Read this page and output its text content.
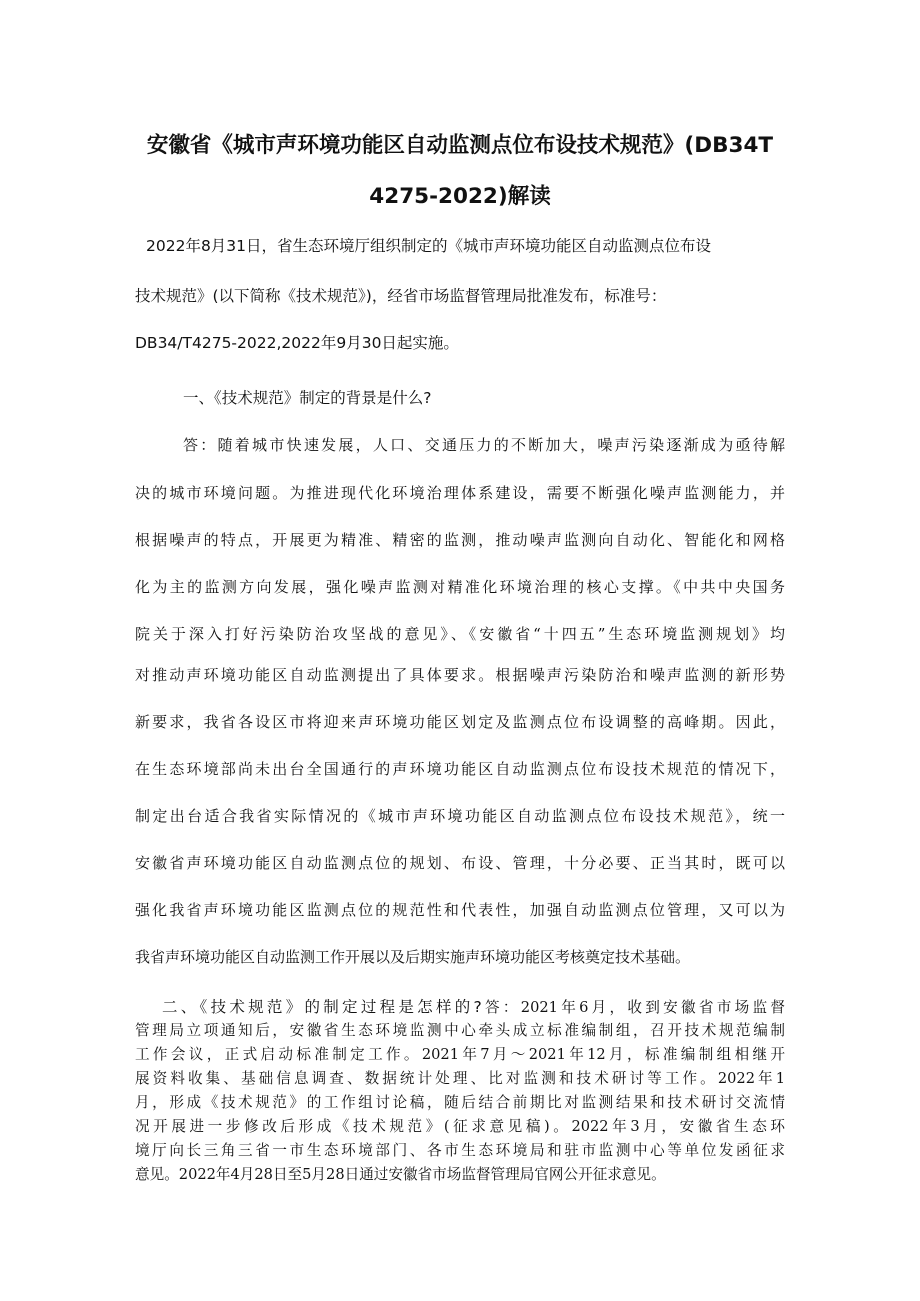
安徽省《城市声环境功能区自动监测点位布设技术规范》(DB34T
4275-2022)解读
2022年8月31日，省生态环境厅组织制定的《城市声环境功能区自动监测点位布设
技术规范》(以下简称《技术规范》)，经省市场监督管理局批准发布，标准号：
DB34/T4275-2022,2022年9月30日起实施。
一、《技术规范》制定的背景是什么?
答：随着城市快速发展，人口、交通压力的不断加大，噪声污染逐渐成为亟待解
决的城市环境问题。为推进现代化环境治理体系建设，需要不断强化噪声监测能力，并
根据噪声的特点，开展更为精准、精密的监测，推动噪声监测向自动化、智能化和网格
化为主的监测方向发展，强化噪声监测对精准化环境治理的核心支撑。《中共中央国务
院关于深入打好污染防治攻坚战的意见》、《安徽省“十四五”生态环境监测规划》均
对推动声环境功能区自动监测提出了具体要求。根据噪声污染防治和噪声监测的新形势
新要求，我省各设区市将迎来声环境功能区划定及监测点位布设调整的高峰期。因此，
在生态环境部尚未出台全国通行的声环境功能区自动监测点位布设技术规范的情况下，
制定出台适合我省实际情况的《城市声环境功能区自动监测点位布设技术规范》，统一
安徽省声环境功能区自动监测点位的规划、布设、管理，十分必要、正当其时，既可以
强化我省声环境功能区监测点位的规范性和代表性，加强自动监测点位管理，又可以为
我省声环境功能区自动监测工作开展以及后期实施声环境功能区考核奠定技术基础。
二、《技术规范》的制定过程是怎样的?答：2021年6月，收到安徽省市场监督
管理局立项通知后，安徽省生态环境监测中心牵头成立标准编制组，召开技术规范编制
工作会议，正式启动标准制定工作。2021年7月～2021年12月，标准编制组相继开
展资料收集、基础信息调查、数据统计处理、比对监测和技术研讨等工作。2022年1
月，形成《技术规范》的工作组讨论稿，随后结合前期比对监测结果和技术研讨交流情
况开展进一步修改后形成《技术规范》(征求意见稿)。2022年3月，安徽省生态环
境厅向长三角三省一市生态环境部门、各市生态环境局和驻市监测中心等单位发函征求
意见。2022年4月28日至5月28日通过安徽省市场监督管理局官网公开征求意见。
